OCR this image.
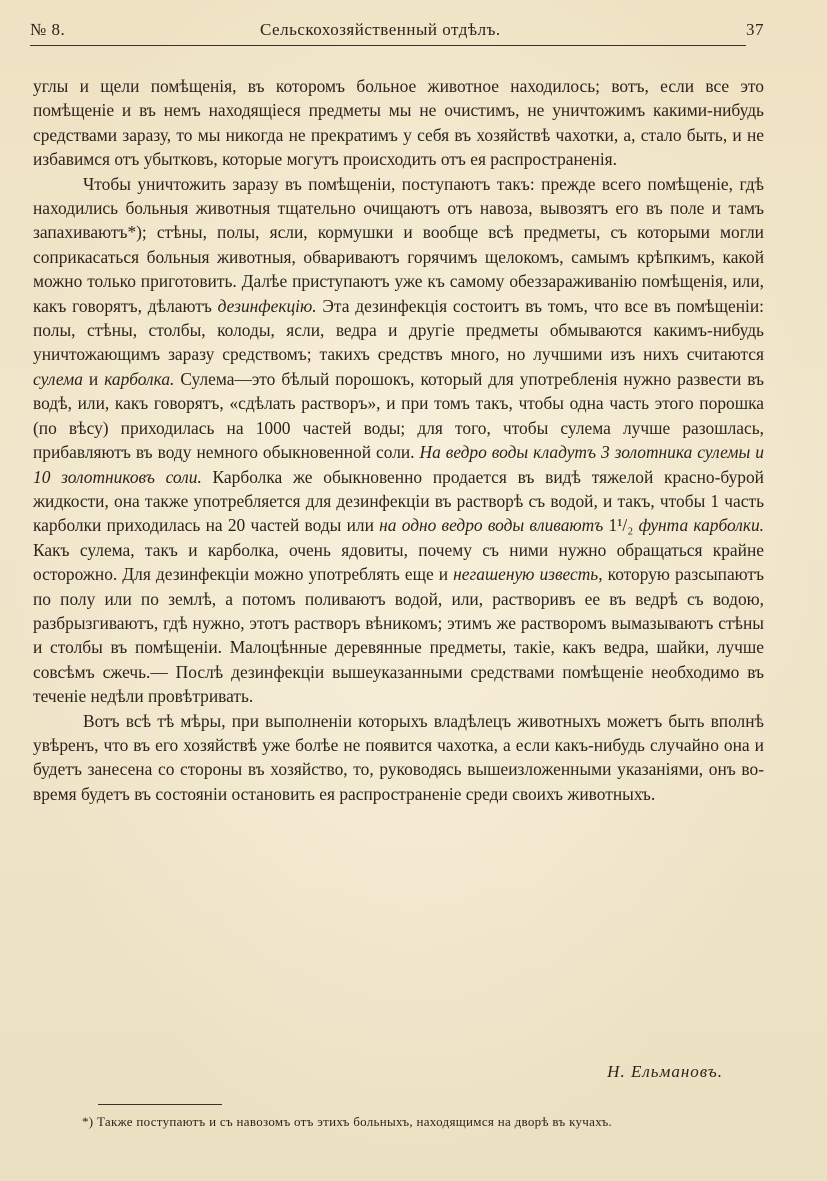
№ 8.	Сельскохозяйственный отдѣлъ.	37

углы и щели помѣщенія, въ которомъ больное животное находилось; вотъ, если все это помѣщеніе и въ немъ находящіеся предметы мы не очистимъ, не уничтожимъ какими-нибудь средствами заразу, то мы никогда не прекратимъ у себя въ хозяйствѣ чахотки, а, стало быть, и не избавимся отъ убытковъ, которые могутъ происходить отъ ея распространенія.

Чтобы уничтожить заразу въ помѣщеніи, поступаютъ такъ: прежде всего помѣщеніе, гдѣ находились больныя животныя тщательно очищаютъ отъ навоза, вывозятъ его въ поле и тамъ запахиваютъ*); стѣны, полы, ясли, кормушки и вообще всѣ предметы, съ которыми могли соприкасаться больныя животныя, обвариваютъ горячимъ щелокомъ, самымъ крѣпкимъ, какой можно только приготовить. Далѣе приступаютъ уже къ самому обеззараживанію помѣщенія, или, какъ говорятъ, дѣлаютъ дезинфекцію. Эта дезинфекція состоитъ въ томъ, что все въ помѣщеніи: полы, стѣны, столбы, колоды, ясли, ведра и другіе предметы обмываются какимъ-нибудь уничтожающимъ заразу средствомъ; такихъ средствъ много, но лучшими изъ нихъ считаются сулема и карболка. Сулема—это бѣлый порошокъ, который для употребленія нужно развести въ водѣ, или, какъ говорятъ, «сдѣлать растворъ», и при томъ такъ, чтобы одна часть этого порошка (по вѣсу) приходилась на 1000 частей воды; для того, чтобы сулема лучше разошлась, прибавляютъ въ воду немного обыкновенной соли. На ведро воды кладутъ 3 золотника сулемы и 10 золотниковъ соли. Карболка же обыкновенно продается въ видѣ тяжелой красно-бурой жидкости, она также употребляется для дезинфекціи въ растворѣ съ водой, и такъ, чтобы 1 часть карболки приходилась на 20 частей воды или на одно ведро воды вливаютъ 1¹/₂ фунта карболки. Какъ сулема, такъ и карболка, очень ядовиты, почему съ ними нужно обращаться крайне осторожно. Для дезинфекціи можно употреблять еще и негашеную известь, которую разсыпаютъ по полу или по землѣ, а потомъ поливаютъ водой, или, растворивъ ее въ ведрѣ съ водою, разбрызгиваютъ, гдѣ нужно, этотъ растворъ вѣникомъ; этимъ же растворомъ вымазываютъ стѣны и столбы въ помѣщеніи. Малоцѣнные деревянные предметы, такіе, какъ ведра, шайки, лучше совсѣмъ сжечь.— Послѣ дезинфекціи вышеуказанными средствами помѣщеніе необходимо въ теченіе недѣли провѣтривать.

Вотъ всѣ тѣ мѣры, при выполненіи которыхъ владѣлецъ животныхъ можетъ быть вполнѣ увѣренъ, что въ его хозяйствѣ уже болѣе не появится чахотка, а если какъ-нибудь случайно она и будетъ занесена со стороны въ хозяйство, то, руководясь вышеизложенными указаніями, онъ во-время будетъ въ состояніи остановить ея распространеніе среди своихъ животныхъ.

Н. Ельмановъ.
*) Также поступаютъ и съ навозомъ отъ этихъ больныхъ, находящимся на дворѣ въ кучахъ.
